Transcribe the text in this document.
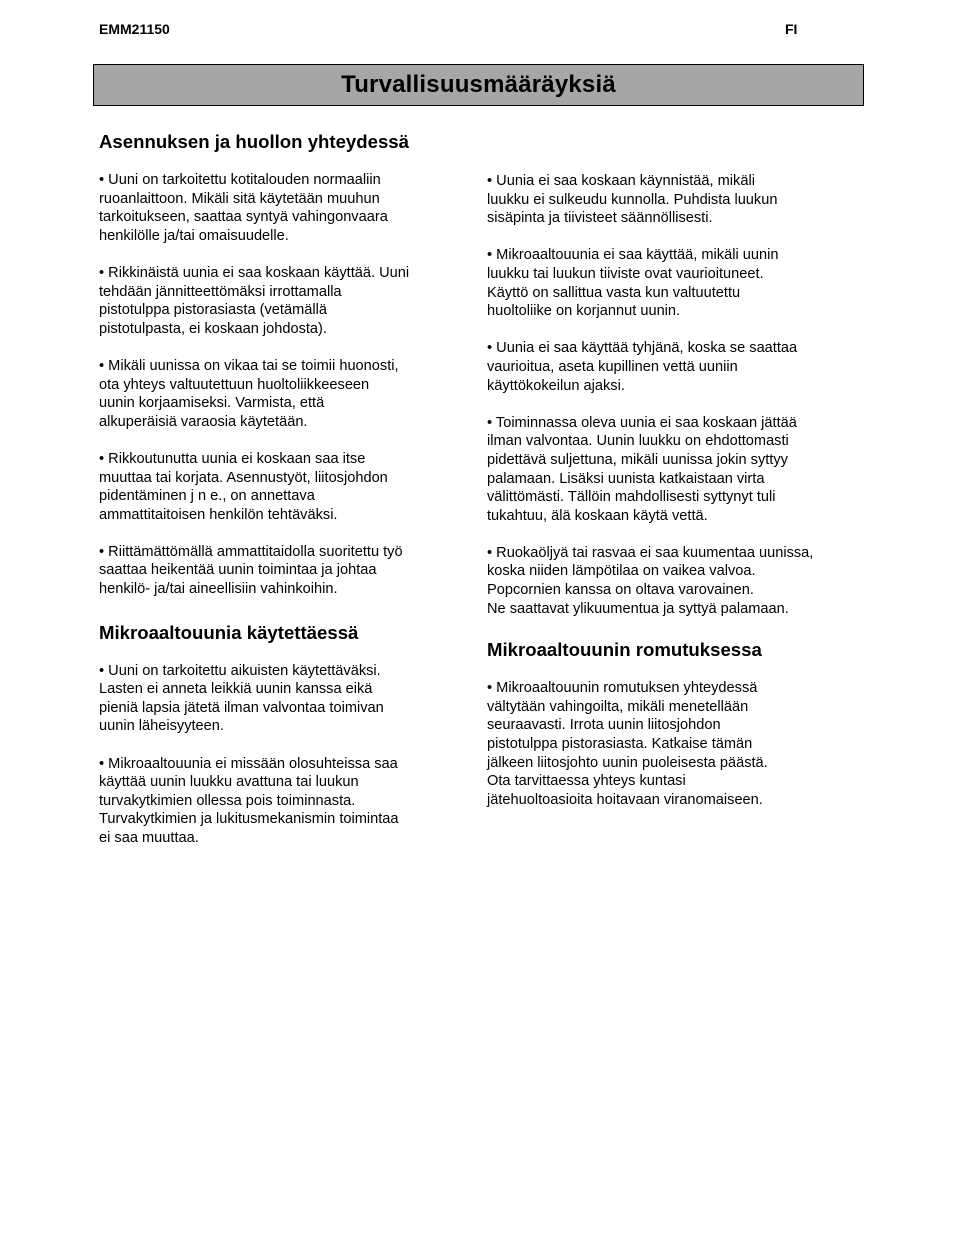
EMM21150	FI
Turvallisuusmääräyksiä
Asennuksen ja huollon yhteydessä

• Uuni on tarkoitettu kotitalouden normaaliin
ruoanlaittoon. Mikäli sitä käytetään muuhun
tarkoitukseen, saattaa syntyä vahingonvaara
henkilölle ja/tai omaisuudelle.

• Rikkinäistä uunia ei saa koskaan käyttää. Uuni
tehdään jännitteettömäksi irrottamalla
pistotulppa pistorasiasta (vetämällä
pistotulpasta, ei koskaan johdosta).

• Mikäli uunissa on vikaa tai se toimii huonosti,
ota yhteys valtuutettuun huoltoliikkeeseen
uunin korjaamiseksi. Varmista, että
alkuperäisiä varaosia käytetään.

• Rikkoutunutta uunia ei koskaan saa itse
muuttaa tai korjata. Asennustyöt, liitosjohdon
pidentäminen j n e., on annettava
ammattitaitoisen henkilön tehtäväksi.

• Riittämättömällä ammattitaidolla suoritettu työ
saattaa heikentää uunin toimintaa ja johtaa
henkilö- ja/tai aineellisiin vahinkoihin.

Mikroaaltouunia käytettäessä

• Uuni on tarkoitettu aikuisten käytettäväksi.
Lasten ei anneta leikkiä uunin kanssa eikä
pieniä lapsia jätetä ilman valvontaa toimivan
uunin läheisyyteen.

• Mikroaaltouunia ei missään olosuhteissa saa
käyttää uunin luukku avattuna tai luukun
turvakytkimien ollessa pois toiminnasta.
Turvakytkimien ja lukitusmekanismin toimintaa
ei saa muuttaa.

• Uunia ei saa koskaan käynnistää, mikäli
luukku ei sulkeudu kunnolla. Puhdista luukun
sisäpinta ja tiivisteet säännöllisesti.

• Mikroaaltouunia ei saa käyttää, mikäli uunin
luukku tai luukun tiiviste ovat vaurioituneet.
Käyttö on sallittua vasta kun valtuutettu
huoltoliike on korjannut uunin.

• Uunia ei saa käyttää tyhjänä, koska se saattaa
vaurioitua, aseta kupillinen vettä uuniin
käyttökokeilun ajaksi.

• Toiminnassa oleva uunia ei saa koskaan jättää
ilman valvontaa. Uunin luukku on ehdottomasti
pidettävä suljettuna, mikäli uunissa jokin syttyy
palamaan. Lisäksi uunista katkaistaan virta
välittömästi. Tällöin mahdollisesti syttynyt tuli
tukahtuu, älä koskaan käytä vettä.

• Ruokaöljyä tai rasvaa ei saa kuumentaa uunissa,
koska niiden lämpötilaa on vaikea valvoa.
Popcornien kanssa on oltava varovainen.
Ne saattavat ylikuumentua ja syttyä palamaan.

Mikroaaltouunin romutuksessa

• Mikroaaltouunin romutuksen yhteydessä
vältytään vahingoilta, mikäli menetellään
seuraavasti. Irrota uunin liitosjohdon
pistotulppa pistorasiasta. Katkaise tämän
jälkeen liitosjohto uunin puoleisesta päästä.
Ota tarvittaessa yhteys kuntasi
jätehuoltoasioita hoitavaan viranomaiseen.
